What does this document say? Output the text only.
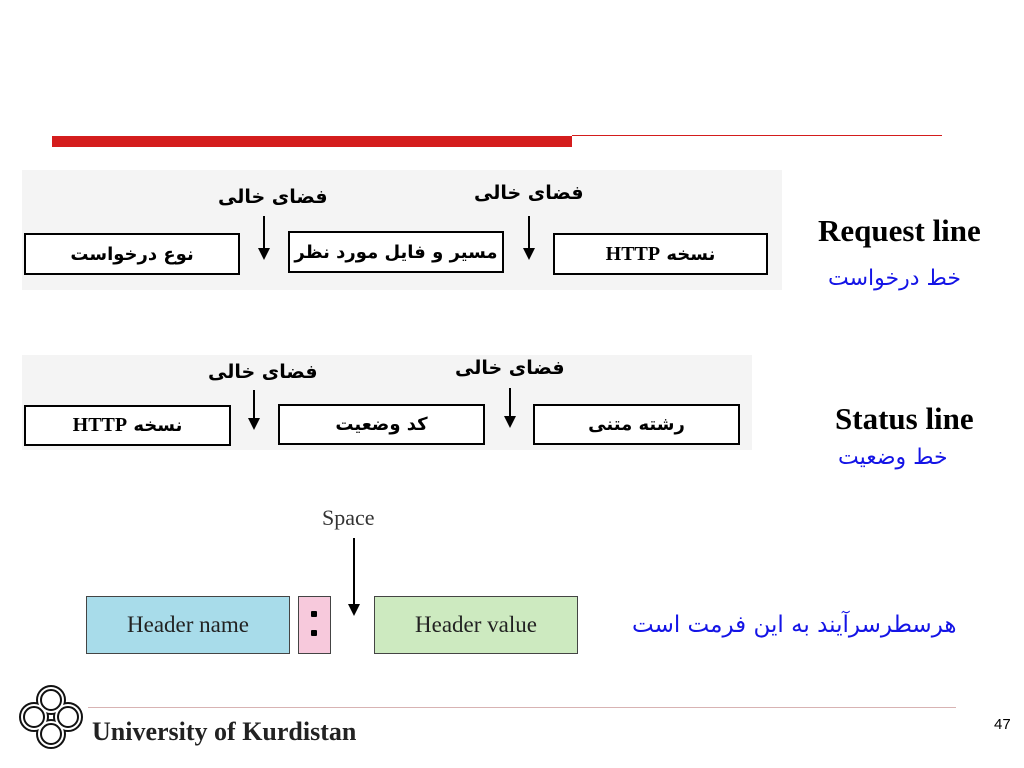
فضای خالی	فضای خالی
نوع درخواست	مسیر و فایل مورد نظر	نسخه

HTTP
Request line
خط درخواست
فضای خالی	فضای خالی
نسخه

HTTP	کد وضعیت	رشته متنی	Status line
خط وضعیت
Space
Header name	Header value	هرسطرسرآیند به این فرمت است
University of Kurdistan	47
